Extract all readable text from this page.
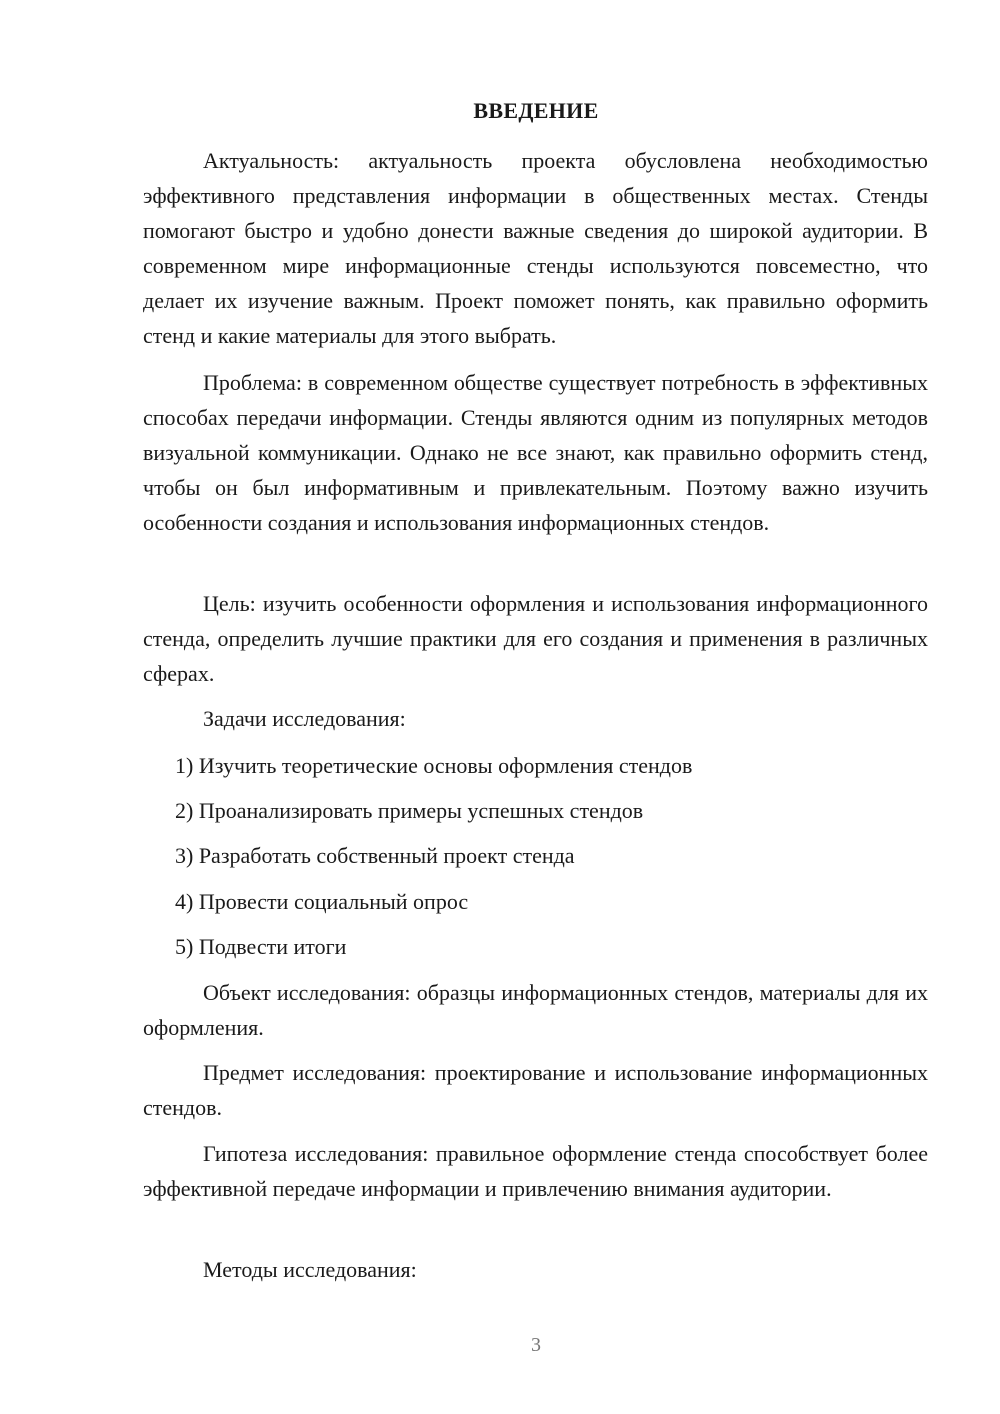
ВВЕДЕНИЕ

Актуальность: актуальность проекта обусловлена необходимостью эффективного представления информации в общественных местах. Стенды помогают быстро и удобно донести важные сведения до широкой аудитории. В современном мире информационные стенды используются повсеместно, что делает их изучение важным. Проект поможет понять, как правильно оформить стенд и какие материалы для этого выбрать.

Проблема: в современном обществе существует потребность в эффективных способах передачи информации. Стенды являются одним из популярных методов визуальной коммуникации. Однако не все знают, как правильно оформить стенд, чтобы он был информативным и привлекательным. Поэтому важно изучить особенности создания и использования информационных стендов.

Цель: изучить особенности оформления и использования информационного стенда, определить лучшие практики для его создания и применения в различных сферах.

Задачи исследования:

1) Изучить теоретические основы оформления стендов

2) Проанализировать примеры успешных стендов

3) Разработать собственный проект стенда

4) Провести социальный опрос

5) Подвести итоги

Объект исследования: образцы информационных стендов, материалы для их оформления.

Предмет исследования: проектирование и использование информационных стендов.

Гипотеза исследования: правильное оформление стенда способствует более эффективной передаче информации и привлечению внимания аудитории.

Методы исследования:

3
